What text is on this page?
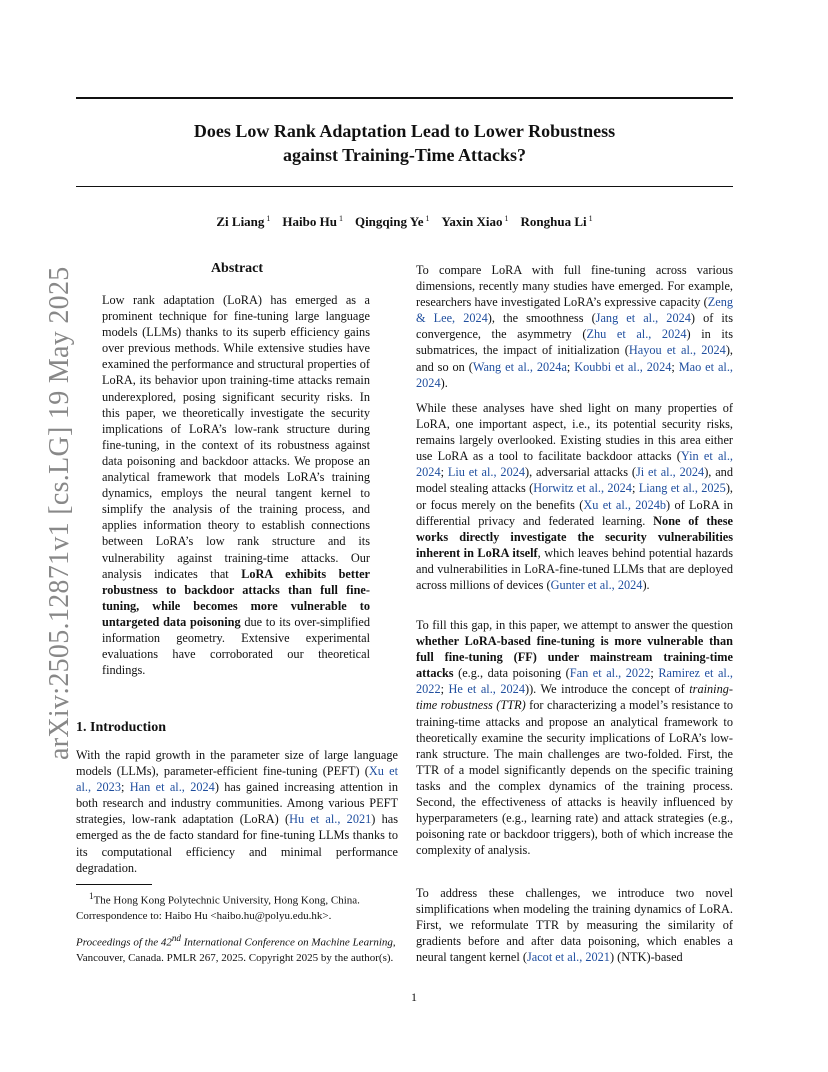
Does Low Rank Adaptation Lead to Lower Robustness
against Training-Time Attacks?
Zi Liang $^1$ Haibo Hu $^1$ Qingqing Ye $^1$ Yaxin Xiao $^1$ Ronghua Li $^1$
arXiv:2505.12871v1 [cs.LG] 19 May 2025	Abstract
Low rank adaptation (LoRA) has emerged as a prominent technique for fine-tuning large language models (LLMs) thanks to its superb efficiency gains over previous methods. While extensive studies have examined the performance and structural properties of LoRA, its behavior upon training-time attacks remain underexplored, posing significant security risks. In this paper, we theoretically investigate the security implications of LoRA’s low-rank structure during fine-tuning, in the context of its robustness against data poisoning and backdoor attacks. We propose an analytical framework that models LoRA’s training dynamics, employs the neural tangent kernel to simplify the analysis of the training process, and applies information theory to establish connections between LoRA’s low rank structure and its vulnerability against training-time attacks. Our analysis indicates that LoRA exhibits better robustness to backdoor attacks than full fine-tuning, while becomes more vulnerable to untargeted data poisoning due to its over-simplified information geometry. Extensive experimental evaluations have corroborated our theoretical findings.
1. Introduction
With the rapid growth in the parameter size of large language models (LLMs), parameter-efficient fine-tuning (PEFT) (Xu et al., 2023; Han et al., 2024) has gained increasing attention in both research and industry communities. Among various PEFT strategies, low-rank adaptation (LoRA) (Hu et al., 2021) has emerged as the de facto standard for fine-tuning LLMs thanks to its computational efficiency and minimal performance degradation.
$^1$The Hong Kong Polytechnic University, Hong Kong, China.
Correspondence to: Haibo Hu <haibo.hu@polyu.edu.hk>.
Proceedings of the 42nd International Conference on Machine Learning, Vancouver, Canada. PMLR 267, 2025. Copyright 2025 by the author(s).
To compare LoRA with full fine-tuning across various dimensions, recently many studies have emerged. For example, researchers have investigated LoRA’s expressive capacity (Zeng & Lee, 2024), the smoothness (Jang et al., 2024) of its convergence, the asymmetry (Zhu et al., 2024) in its submatrices, the impact of initialization (Hayou et al., 2024), and so on (Wang et al., 2024a; Koubbi et al., 2024; Mao et al., 2024).
While these analyses have shed light on many properties of LoRA, one important aspect, i.e., its potential security risks, remains largely overlooked. Existing studies in this area either use LoRA as a tool to facilitate backdoor attacks (Yin et al., 2024; Liu et al., 2024), adversarial attacks (Ji et al., 2024), and model stealing attacks (Horwitz et al., 2024; Liang et al., 2025), or focus merely on the benefits (Xu et al., 2024b) of LoRA in differential privacy and federated learning. None of these works directly investigate the security vulnerabilities inherent in LoRA itself, which leaves behind potential hazards and vulnerabilities in LoRA-fine-tuned LLMs that are deployed across millions of devices (Gunter et al., 2024).
To fill this gap, in this paper, we attempt to answer the question whether LoRA-based fine-tuning is more vulnerable than full fine-tuning (FF) under mainstream training-time attacks (e.g., data poisoning (Fan et al., 2022; Ramirez et al., 2022; He et al., 2024)). We introduce the concept of training-time robustness (TTR) for characterizing a model’s resistance to training-time attacks and propose an analytical framework to theoretically examine the security implications of LoRA’s low-rank structure. The main challenges are two-folded. First, the TTR of a model significantly depends on the specific training tasks and the complex dynamics of the training process. Second, the effectiveness of attacks is heavily influenced by hyperparameters (e.g., learning rate) and attack strategies (e.g., poisoning rate or backdoor triggers), both of which increase the complexity of analysis.
To address these challenges, we introduce two novel simplifications when modeling the training dynamics of LoRA. First, we reformulate TTR by measuring the similarity of gradients before and after data poisoning, which enables a neural tangent kernel (Jacot et al., 2021) (NTK)-based
1
